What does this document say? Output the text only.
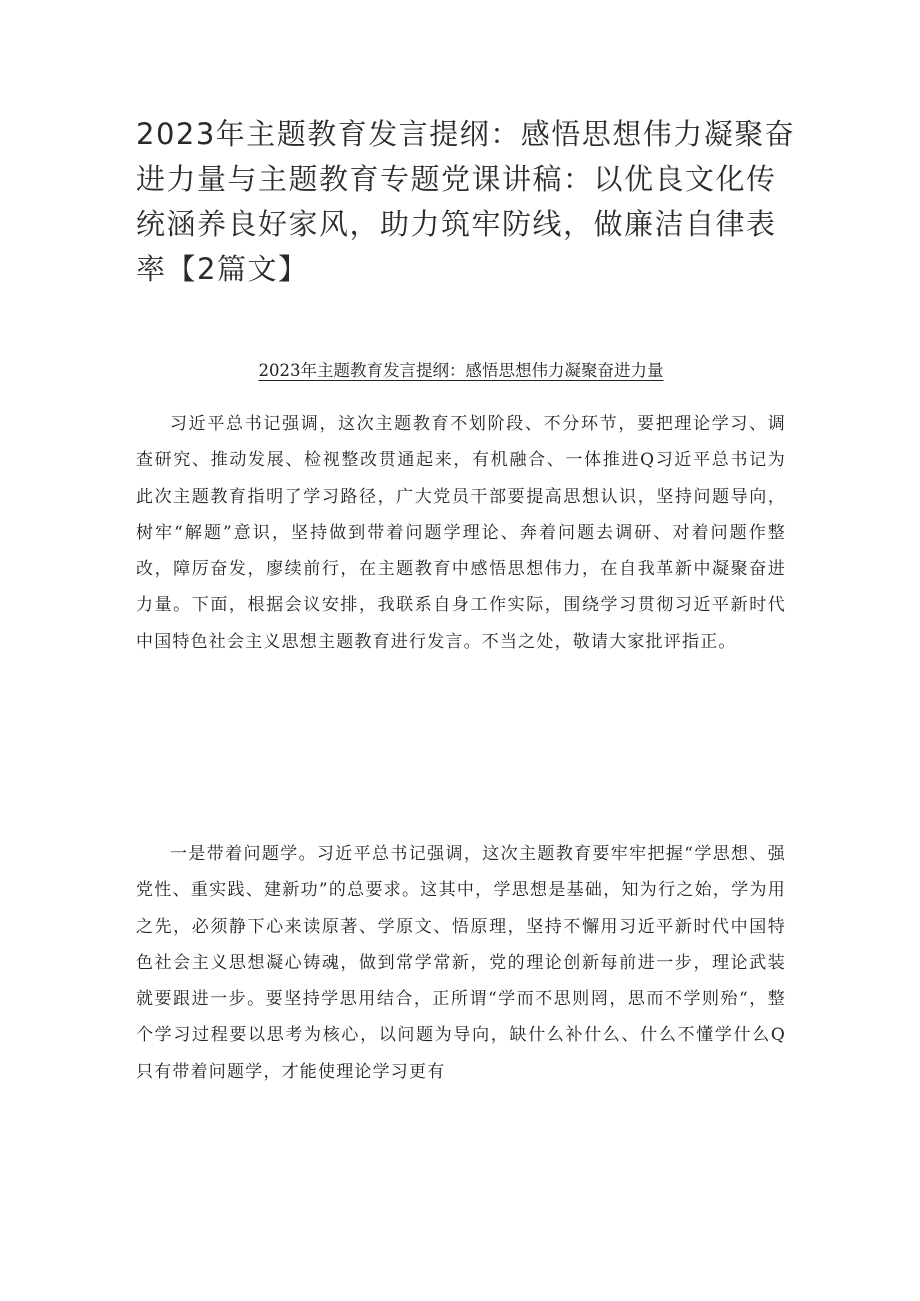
2023年主题教育发言提纲：感悟思想伟力凝聚奋进力量与主题教育专题党课讲稿：以优良文化传统涵养良好家风，助力筑牢防线，做廉洁自律表率【2篇文】
2023年主题教育发言提纲：感悟思想伟力凝聚奋进力量

习近平总书记强调，这次主题教育不划阶段、不分环节，要把理论学习、调查研究、推动发展、检视整改贯通起来，有机融合、一体推进Q习近平总书记为此次主题教育指明了学习路径，广大党员干部要提高思想认识，坚持问题导向，树牢“解题”意识，坚持做到带着问题学理论、奔着问题去调研、对着问题作整改，障厉奋发，廖续前行，在主题教育中感悟思想伟力，在自我革新中凝聚奋进力量。下面，根据会议安排，我联系自身工作实际，围绕学习贯彻习近平新时代中国特色社会主义思想主题教育进行发言。不当之处，敬请大家批评指正。

一是带着问题学。习近平总书记强调，这次主题教育要牢牢把握“学思想、强党性、重实践、建新功”的总要求。这其中，学思想是基础，知为行之始，学为用之先，必须静下心来读原著、学原文、悟原理，坚持不懈用习近平新时代中国特色社会主义思想凝心铸魂，做到常学常新，党的理论创新每前进一步，理论武装就要跟进一步。要坚持学思用结合，正所谓“学而不思则罔，思而不学则殆“，整个学习过程要以思考为核心，以问题为导向，缺什么补什么、什么不懂学什么Q只有带着问题学，才能使理论学习更有
